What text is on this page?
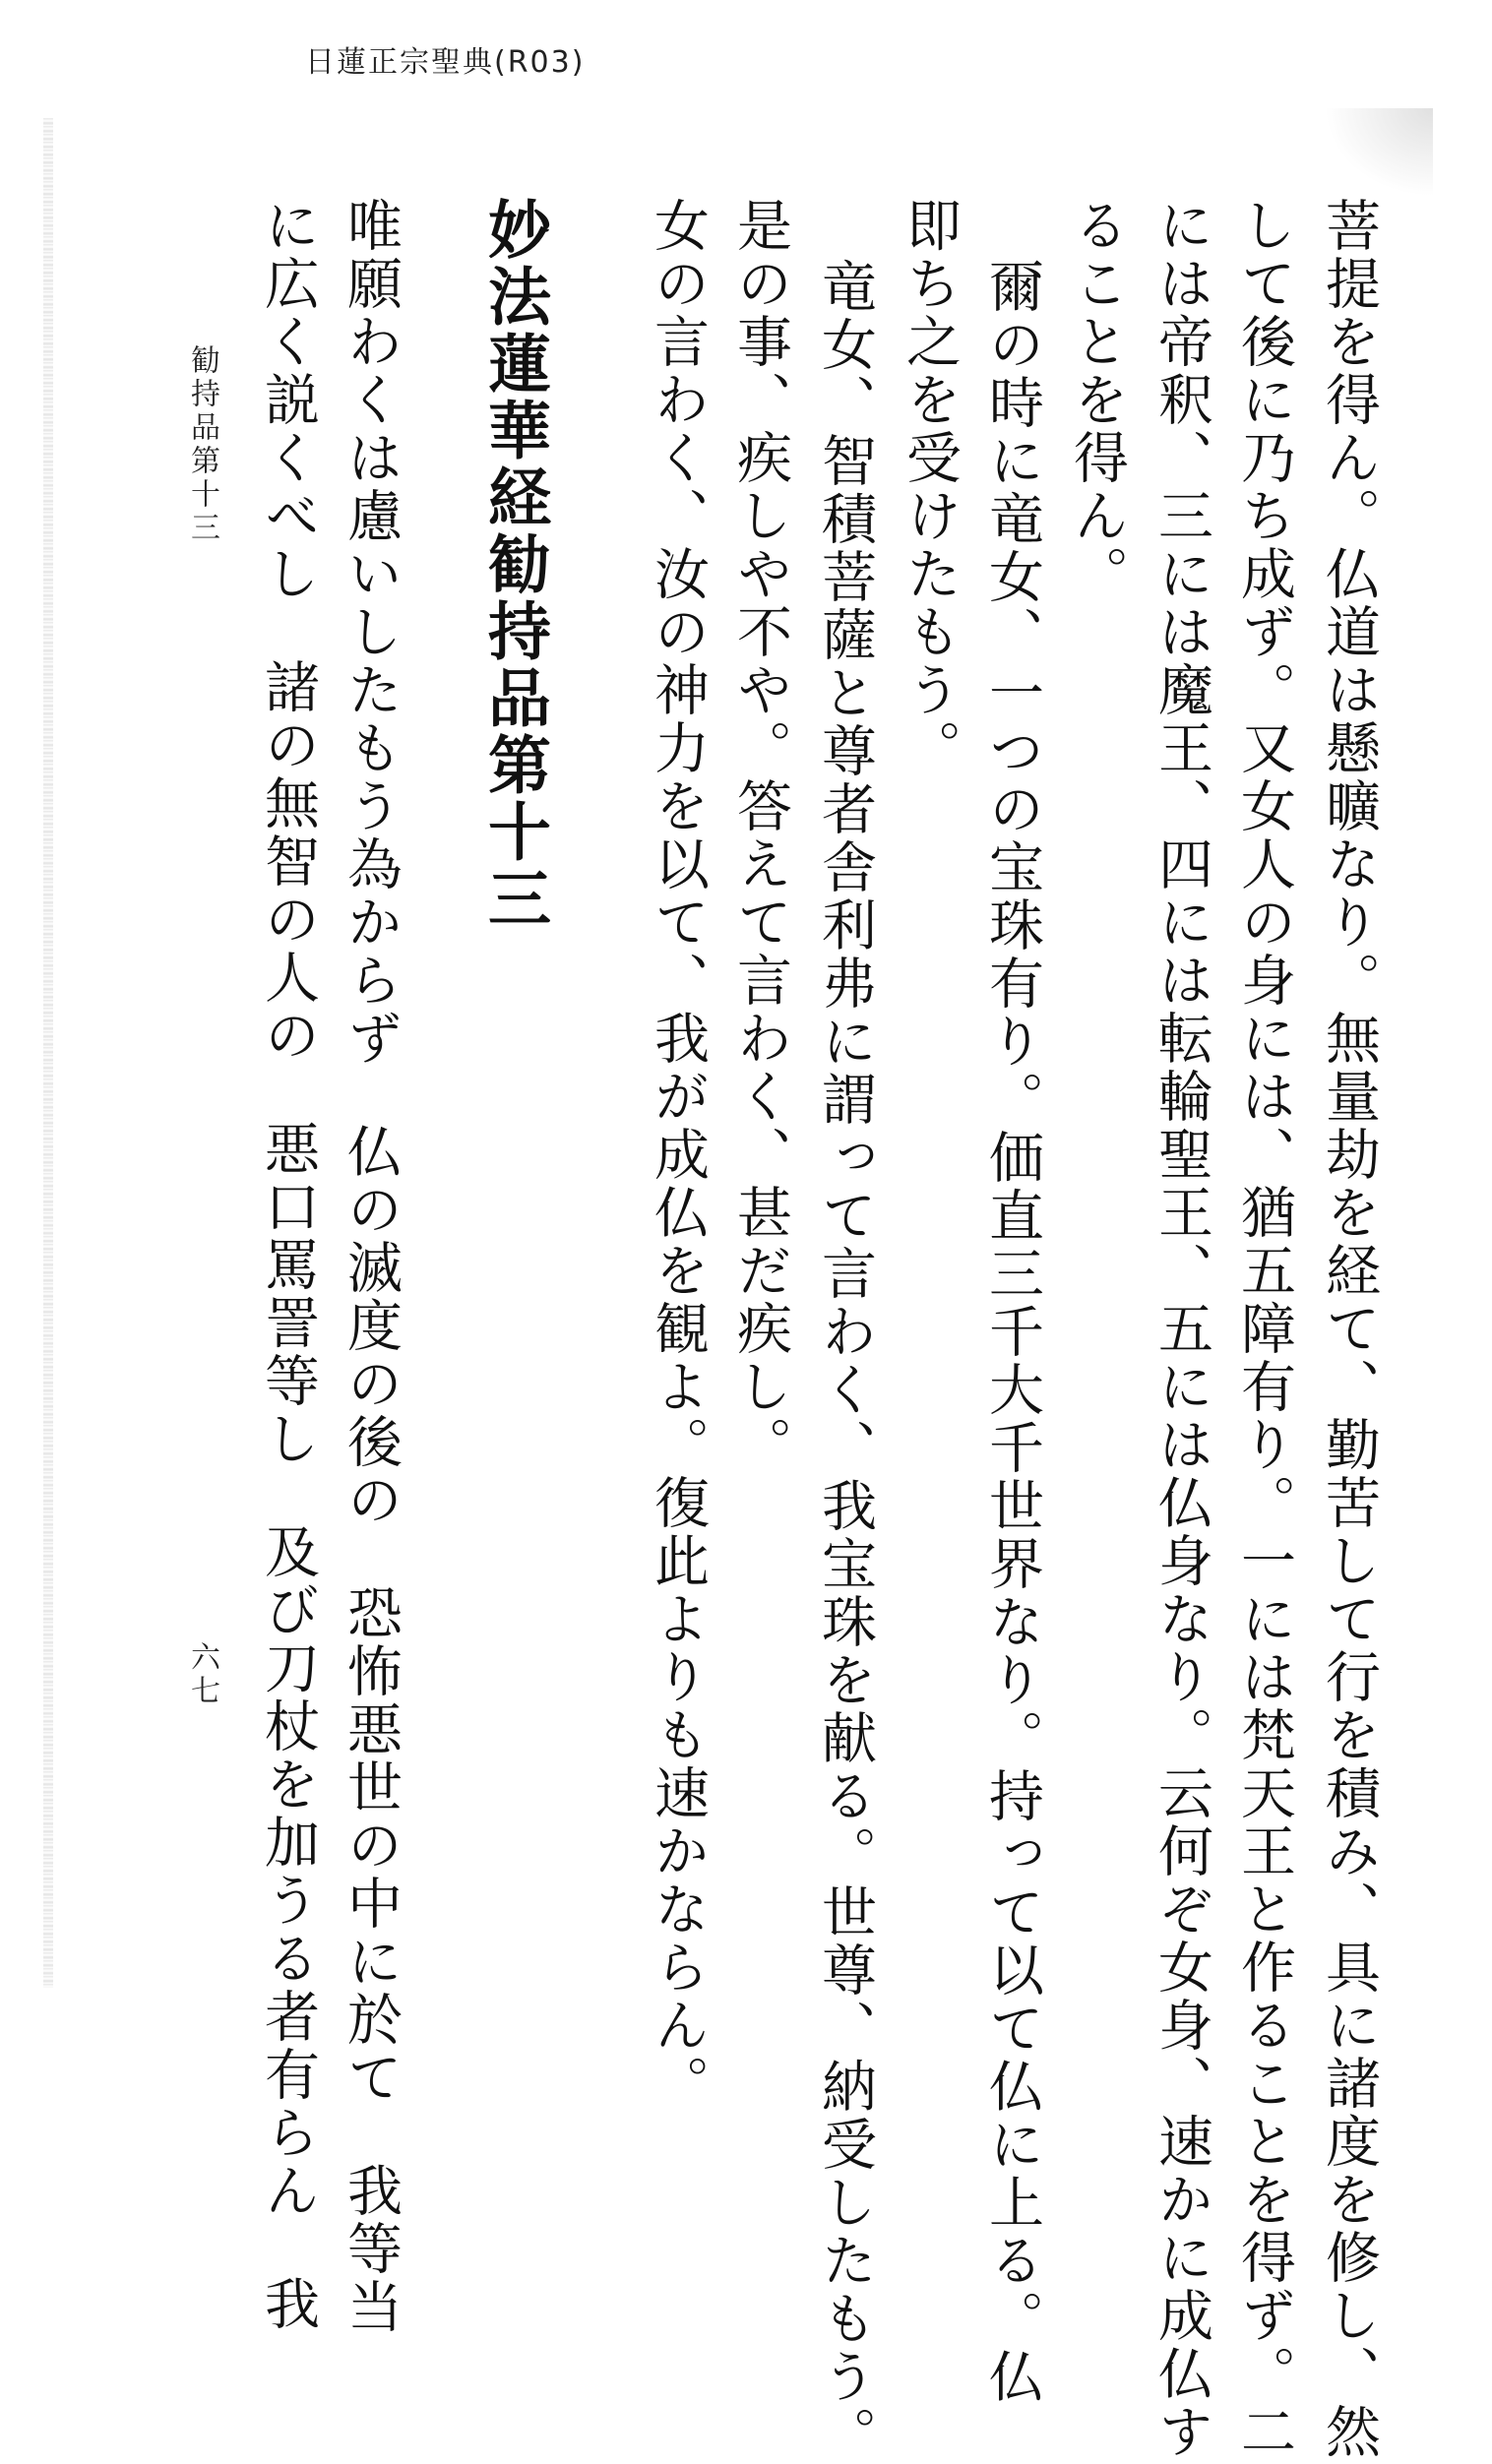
日蓮正宗聖典(R03)
菩提を得ん。仏道は懸曠なり。無量劫を経て、勤苦して行を積み、具に諸度を修し、然
して後に乃ち成ず。又女人の身には、猶五障有り。一には梵天王と作ることを得ず。二
には帝釈、三には魔王、四には転輪聖王、五には仏身なり。云何ぞ女身、速かに成仏す
ることを得ん。
爾の時に竜女、一つの宝珠有り。価直三千大千世界なり。持って以て仏に上る。仏
即ち之を受けたもう。
竜女、智積菩薩と尊者舎利弗に謂って言わく、我宝珠を献る。世尊、納受したもう。
是の事、疾しや不や。答えて言わく、甚だ疾し。
女の言わく、汝の神力を以て、我が成仏を観よ。復此よりも速かならん。
妙法蓮華経勧持品第十三
唯願わくは慮いしたもう為からず仏の滅度の後の恐怖悪世の中に於て我等当
に広く説くべし諸の無智の人の悪口罵詈等し及び刀杖を加うる者有らん我
勧持品第十三
六七
